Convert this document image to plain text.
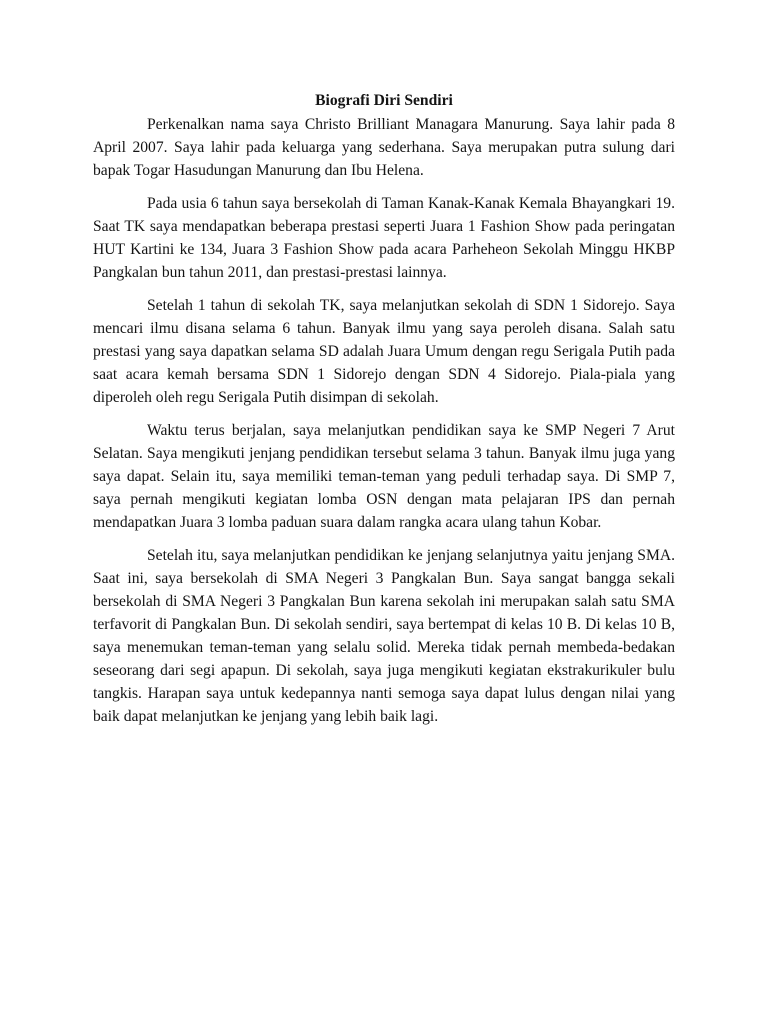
Biografi Diri Sendiri

Perkenalkan nama saya Christo Brilliant Managara Manurung. Saya lahir pada 8 April 2007. Saya lahir pada keluarga yang sederhana. Saya merupakan putra sulung dari bapak Togar Hasudungan Manurung dan Ibu Helena.

Pada usia 6 tahun saya bersekolah di Taman Kanak-Kanak Kemala Bhayangkari 19. Saat TK saya mendapatkan beberapa prestasi seperti Juara 1 Fashion Show pada peringatan HUT Kartini ke 134, Juara 3 Fashion Show pada acara Parheheon Sekolah Minggu HKBP Pangkalan bun tahun 2011, dan prestasi-prestasi lainnya.

Setelah 1 tahun di sekolah TK, saya melanjutkan sekolah di SDN 1 Sidorejo. Saya mencari ilmu disana selama 6 tahun. Banyak ilmu yang saya peroleh disana. Salah satu prestasi yang saya dapatkan selama SD adalah Juara Umum dengan regu Serigala Putih pada saat acara kemah bersama SDN 1 Sidorejo dengan SDN 4 Sidorejo. Piala-piala yang diperoleh oleh regu Serigala Putih disimpan di sekolah.

Waktu terus berjalan, saya melanjutkan pendidikan saya ke SMP Negeri 7 Arut Selatan. Saya mengikuti jenjang pendidikan tersebut selama 3 tahun. Banyak ilmu juga yang saya dapat. Selain itu, saya memiliki teman-teman yang peduli terhadap saya. Di SMP 7, saya pernah mengikuti kegiatan lomba OSN dengan mata pelajaran IPS dan pernah mendapatkan Juara 3 lomba paduan suara dalam rangka acara ulang tahun Kobar.

Setelah itu, saya melanjutkan pendidikan ke jenjang selanjutnya yaitu jenjang SMA. Saat ini, saya bersekolah di SMA Negeri 3 Pangkalan Bun. Saya sangat bangga sekali bersekolah di SMA Negeri 3 Pangkalan Bun karena sekolah ini merupakan salah satu SMA terfavorit di Pangkalan Bun. Di sekolah sendiri, saya bertempat di kelas 10 B. Di kelas 10 B, saya menemukan teman-teman yang selalu solid. Mereka tidak pernah membeda-bedakan seseorang dari segi apapun. Di sekolah, saya juga mengikuti kegiatan ekstrakurikuler bulu tangkis. Harapan saya untuk kedepannya nanti semoga saya dapat lulus dengan nilai yang baik dapat melanjutkan ke jenjang yang lebih baik lagi.
